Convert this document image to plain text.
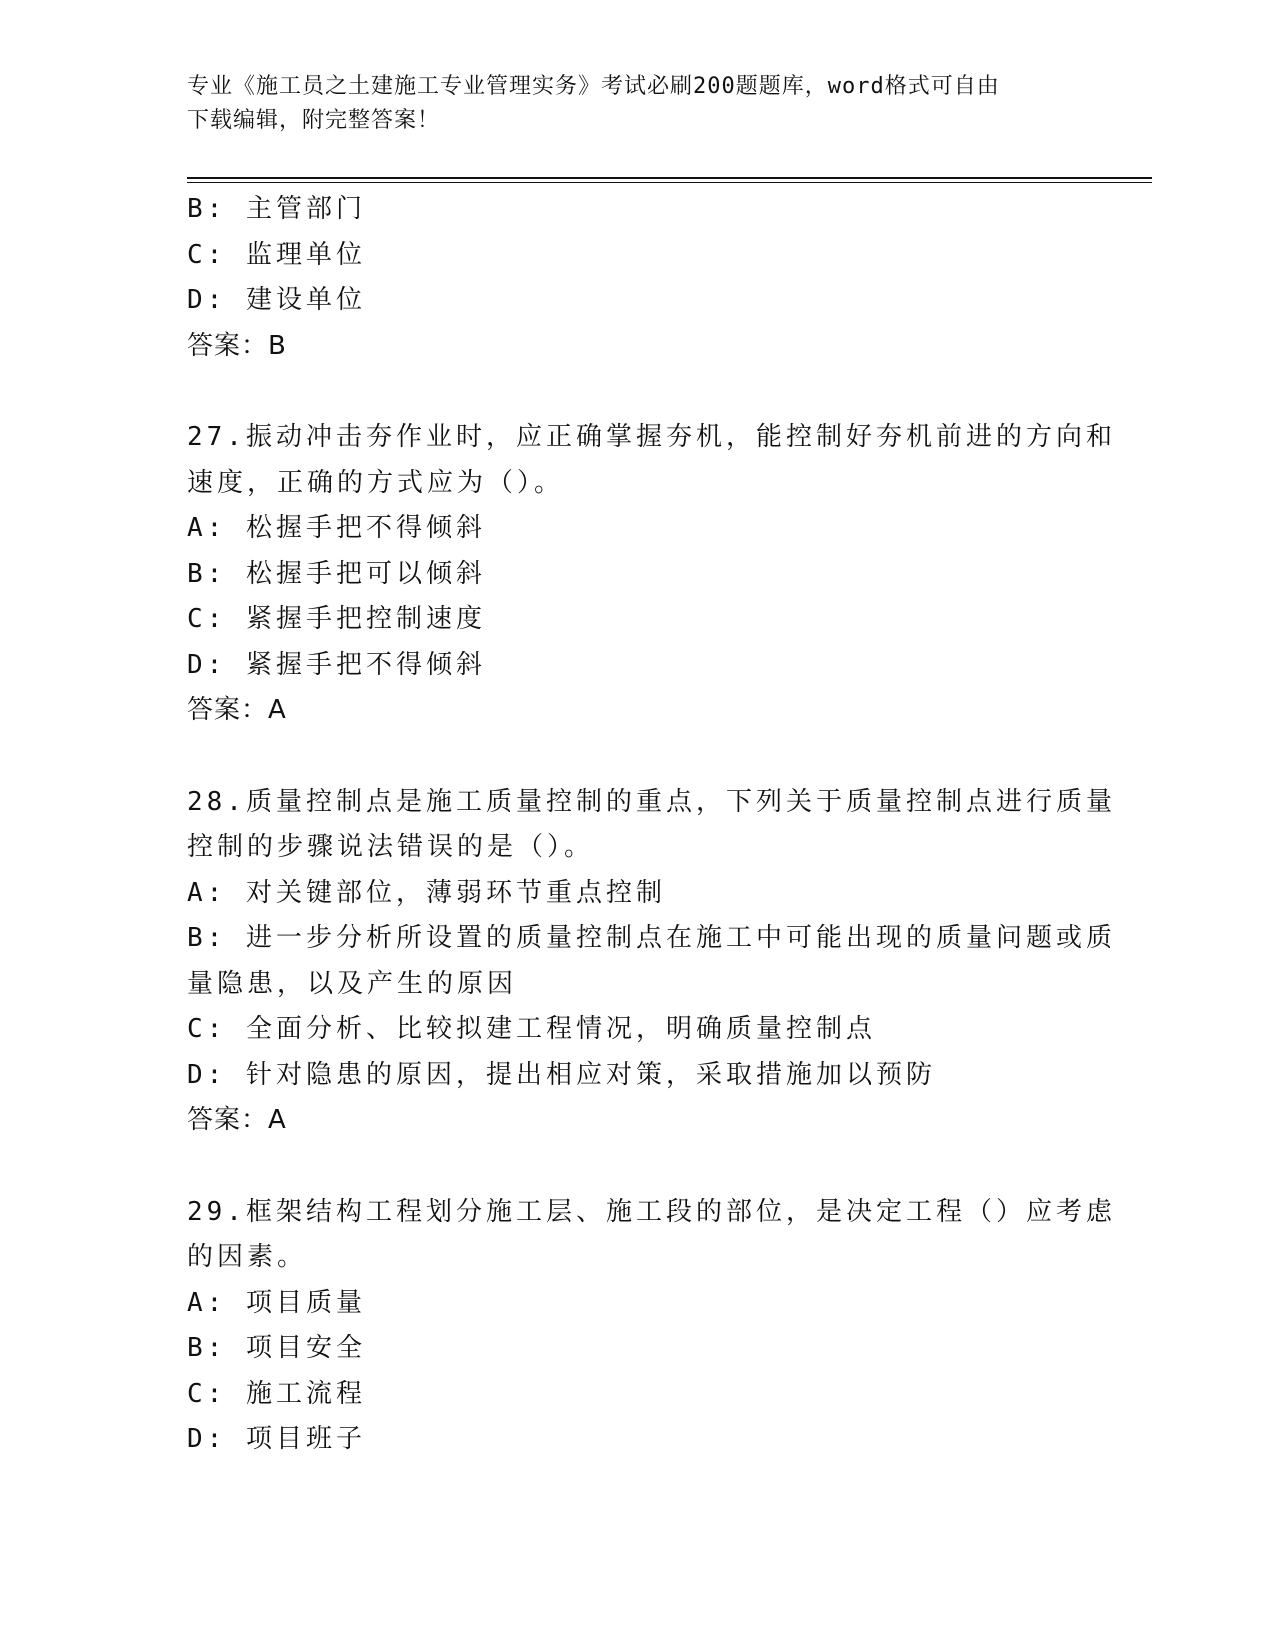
专业《施工员之土建施工专业管理实务》考试必刷200题题库，word格式可自由
下载编辑，附完整答案！
B: 主管部门
C: 监理单位
D: 建设单位
答案：B
27.振动冲击夯作业时，应正确掌握夯机，能控制好夯机前进的方向和
速度，正确的方式应为（）。
A: 松握手把不得倾斜
B: 松握手把可以倾斜
C: 紧握手把控制速度
D: 紧握手把不得倾斜
答案：A
28.质量控制点是施工质量控制的重点，下列关于质量控制点进行质量
控制的步骤说法错误的是（）。
A: 对关键部位，薄弱环节重点控制
B: 进一步分析所设置的质量控制点在施工中可能出现的质量问题或质
量隐患，以及产生的原因
C: 全面分析、比较拟建工程情况，明确质量控制点
D: 针对隐患的原因，提出相应对策，采取措施加以预防
答案：A
29.框架结构工程划分施工层、施工段的部位，是决定工程（）应考虑
的因素。
A: 项目质量
B: 项目安全
C: 施工流程
D: 项目班子
